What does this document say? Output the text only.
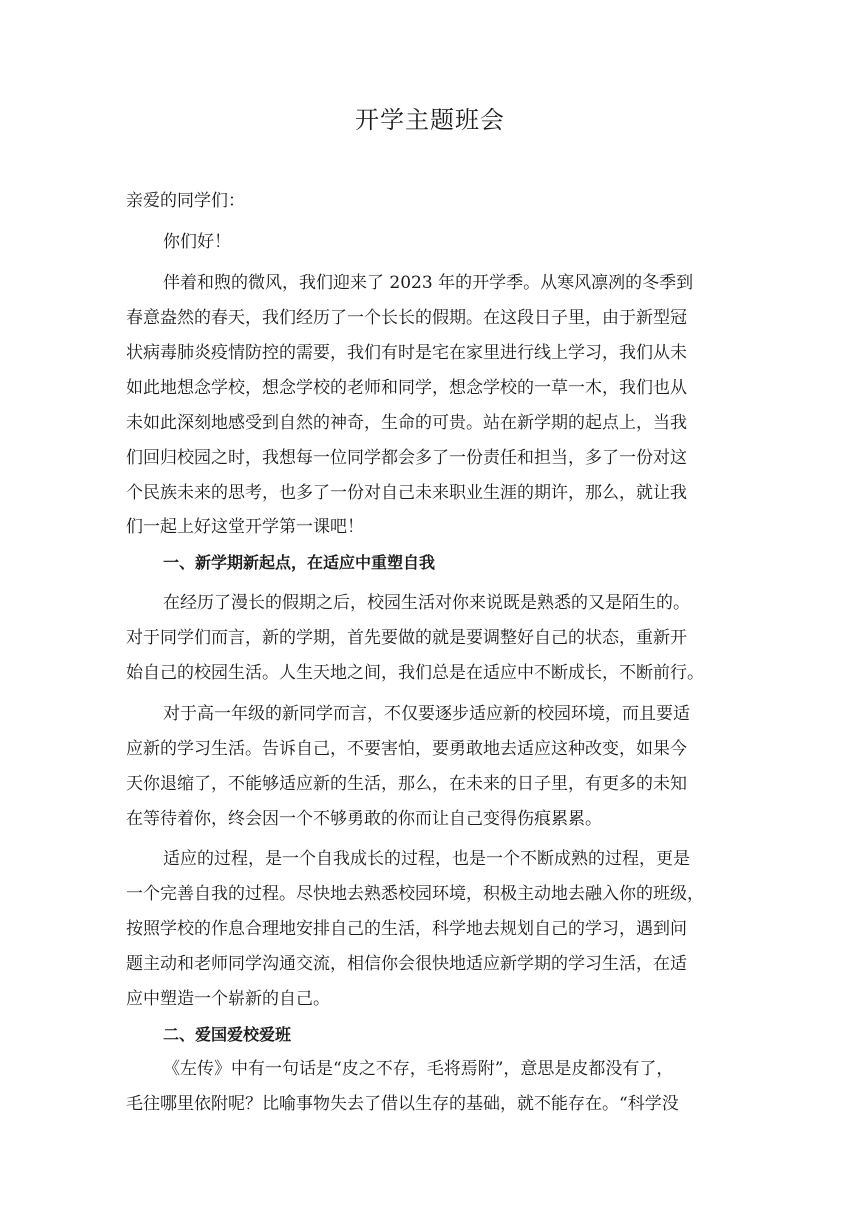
开学主题班会
亲爱的同学们：
你们好！
伴着和煦的微风，我们迎来了 2023 年的开学季。从寒风凛冽的冬季到
春意盎然的春天，我们经历了一个长长的假期。在这段日子里，由于新型冠
状病毒肺炎疫情防控的需要，我们有时是宅在家里进行线上学习，我们从未
如此地想念学校，想念学校的老师和同学，想念学校的一草一木，我们也从
未如此深刻地感受到自然的神奇，生命的可贵。站在新学期的起点上，当我
们回归校园之时，我想每一位同学都会多了一份责任和担当，多了一份对这
个民族未来的思考，也多了一份对自己未来职业生涯的期许，那么，就让我
们一起上好这堂开学第一课吧！
一、新学期新起点，在适应中重塑自我
在经历了漫长的假期之后，校园生活对你来说既是熟悉的又是陌生的。
对于同学们而言，新的学期，首先要做的就是要调整好自己的状态，重新开
始自己的校园生活。人生天地之间，我们总是在适应中不断成长，不断前行。
对于高一年级的新同学而言，不仅要逐步适应新的校园环境，而且要适
应新的学习生活。告诉自己，不要害怕，要勇敢地去适应这种改变，如果今
天你退缩了，不能够适应新的生活，那么，在未来的日子里，有更多的未知
在等待着你，终会因一个不够勇敢的你而让自己变得伤痕累累。
适应的过程，是一个自我成长的过程，也是一个不断成熟的过程，更是
一个完善自我的过程。尽快地去熟悉校园环境，积极主动地去融入你的班级，
按照学校的作息合理地安排自己的生活，科学地去规划自己的学习，遇到问
题主动和老师同学沟通交流，相信你会很快地适应新学期的学习生活，在适
应中塑造一个崭新的自己。
二、爱国爱校爱班
《左传》中有一句话是“皮之不存，毛将焉附”，意思是皮都没有了，
毛往哪里依附呢？比喻事物失去了借以生存的基础，就不能存在。“科学没
